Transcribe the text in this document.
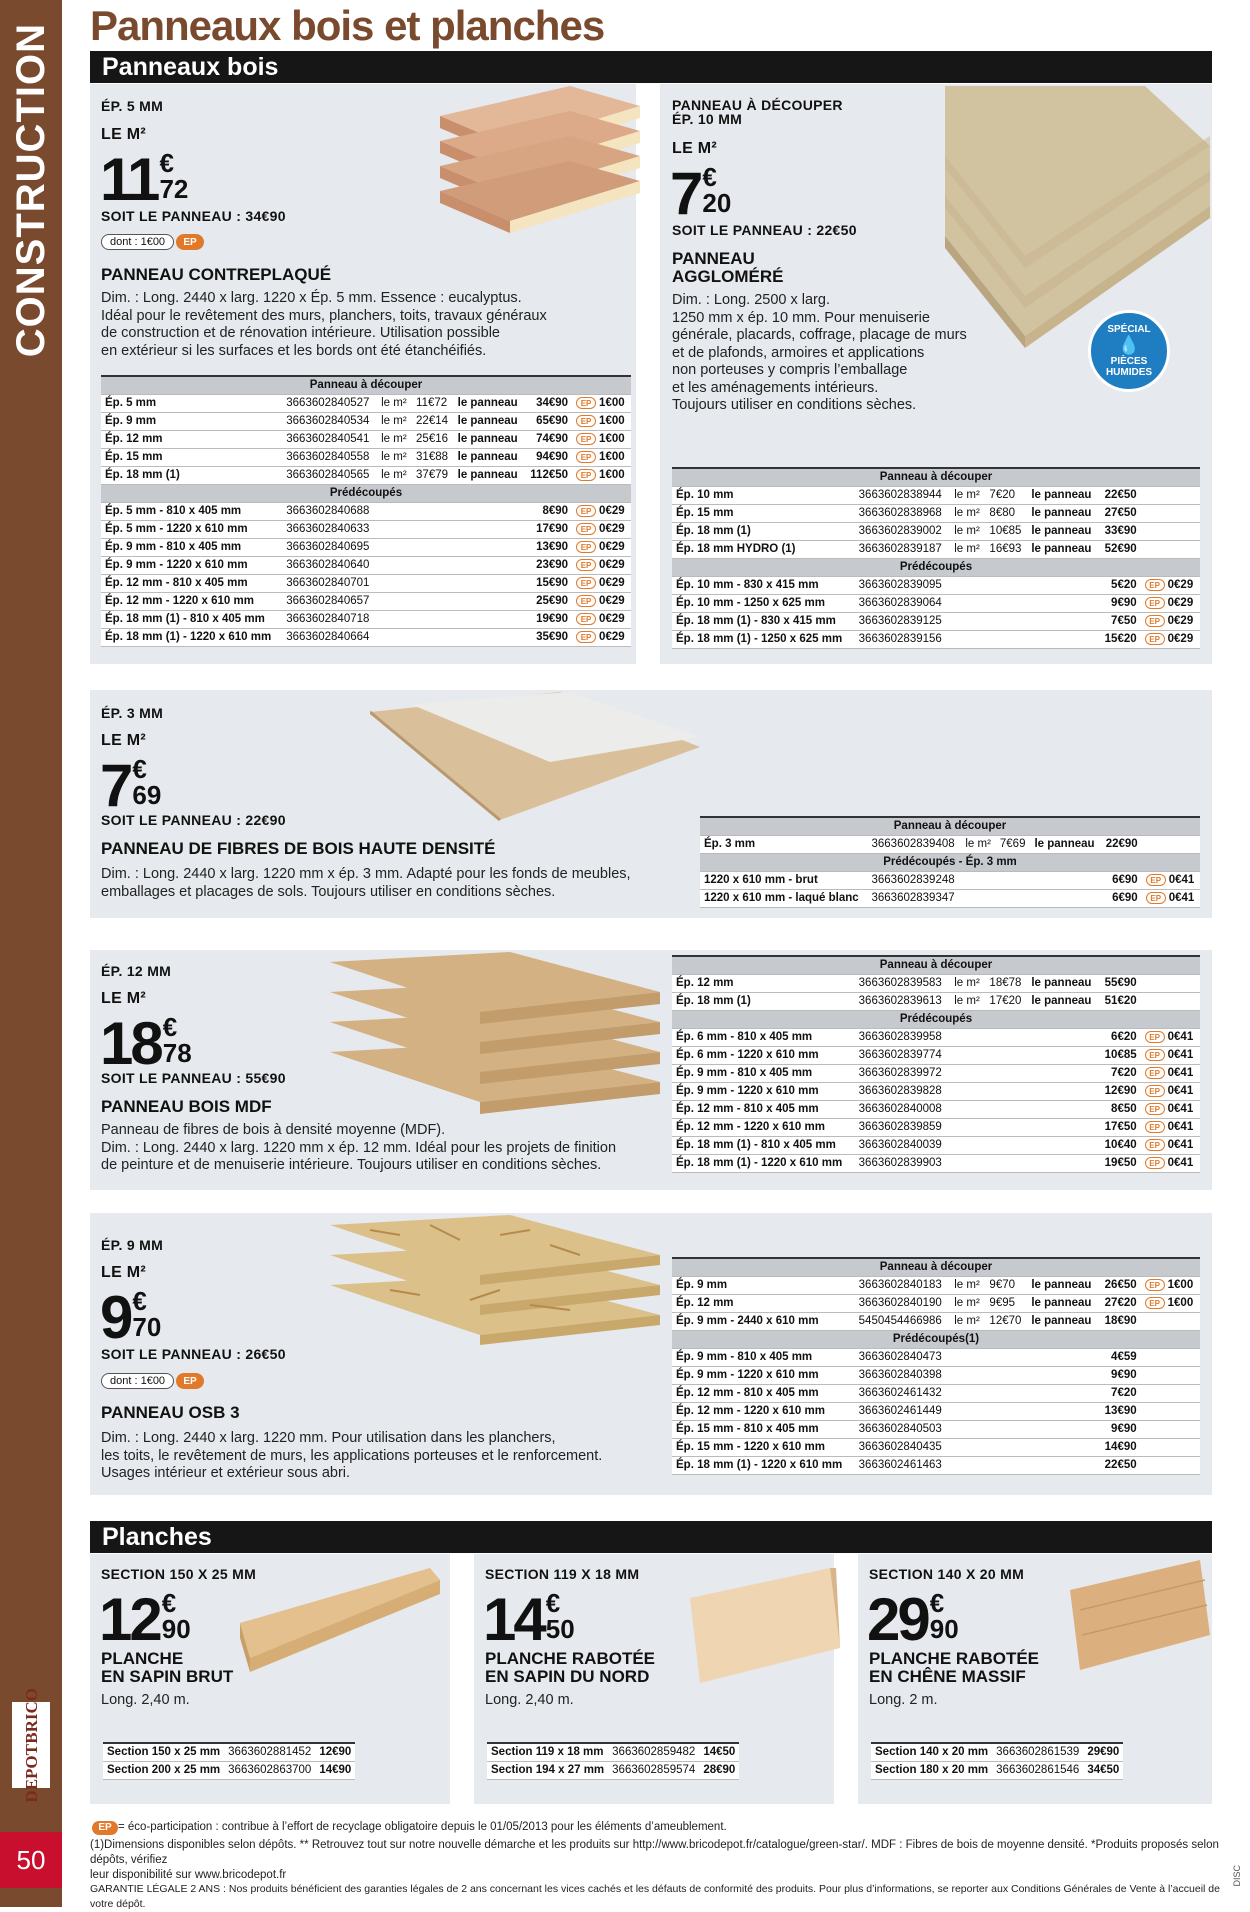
CONSTRUCTION
BRICO
DEPOT
50
Panneaux bois et planches
Panneaux bois
ÉP. 5 MM
LE M²
11 €
72
SOIT LE PANNEAU : 34€90
dont : 1€00	EP
PANNEAU CONTREPLAQUÉ
Dim. : Long. 2440 x larg. 1220 x Ép. 5 mm. Essence : eucalyptus.
Idéal pour le revêtement des murs, planchers, toits, travaux généraux
de construction et de rénovation intérieure. Utilisation possible
en extérieur si les surfaces et les bords ont été étanchéifiés.
Panneau à découper						
Ép. 5 mm	3663602840527	le m²	11€72	le panneau	34€90	EP 1€00
Ép. 9 mm	3663602840534	le m²	22€14	le panneau	65€90	EP 1€00
Ép. 12 mm	3663602840541	le m²	25€16	le panneau	74€90	EP 1€00
Ép. 15 mm	3663602840558	le m²	31€88	le panneau	94€90	EP 1€00
Ép. 18 mm (1)	3663602840565	le m²	37€79	le panneau	112€50	EP 1€00
Prédécoupés						
Ép. 5 mm - 810 x 405 mm	3663602840688				8€90	EP 0€29
Ép. 5 mm - 1220 x 610 mm	3663602840633				17€90	EP 0€29
Ép. 9 mm - 810 x 405 mm	3663602840695				13€90	EP 0€29
Ép. 9 mm - 1220 x 610 mm	3663602840640				23€90	EP 0€29
Ép. 12 mm - 810 x 405 mm	3663602840701				15€90	EP 0€29
Ép. 12 mm - 1220 x 610 mm	3663602840657				25€90	EP 0€29
Ép. 18 mm (1) - 810 x 405 mm	3663602840718				19€90	EP 0€29
Ép. 18 mm (1) - 1220 x 610 mm	3663602840664				35€90	EP 0€29
SPÉCIAL
💧
PIÈCES HUMIDES
PANNEAU À DÉCOUPER
ÉP. 10 MM
LE M²
7 €
20
SOIT LE PANNEAU : 22€50
PANNEAU
AGGLOMÉRÉ
Dim. : Long. 2500 x larg.
1250 mm x ép. 10 mm. Pour menuiserie
générale, placards, coffrage, placage de murs
et de plafonds, armoires et applications
non porteuses y compris l’emballage
et les aménagements intérieurs.
Toujours utiliser en conditions sèches.
Panneau à découper						
Ép. 10 mm	3663602838944	le m²	7€20	le panneau	22€50	
Ép. 15 mm	3663602838968	le m²	8€80	le panneau	27€50	
Ép. 18 mm (1)	3663602839002	le m²	10€85	le panneau	33€90	
Ép. 18 mm HYDRO (1)	3663602839187	le m²	16€93	le panneau	52€90	
Prédécoupés						
Ép. 10 mm - 830 x 415 mm	3663602839095				5€20	EP 0€29
Ép. 10 mm - 1250 x 625 mm	3663602839064				9€90	EP 0€29
Ép. 18 mm (1) - 830 x 415 mm	3663602839125				7€50	EP 0€29
Ép. 18 mm (1) - 1250 x 625 mm	3663602839156				15€20	EP 0€29
ÉP. 3 MM
LE M²
7 €
69
SOIT LE PANNEAU : 22€90
PANNEAU DE FIBRES DE BOIS HAUTE DENSITÉ
Dim. : Long. 2440 x larg. 1220 mm x ép. 3 mm. Adapté pour les fonds de meubles,
emballages et placages de sols. Toujours utiliser en conditions sèches.
Panneau à découper						
Ép. 3 mm	3663602839408	le m²	7€69	le panneau	22€90	
Prédécoupés - Ép. 3 mm						
1220 x 610 mm - brut	3663602839248				6€90	EP 0€41
1220 x 610 mm - laqué blanc	3663602839347				6€90	EP 0€41
ÉP. 12 MM
LE M²
18 €
78
SOIT LE PANNEAU : 55€90
PANNEAU BOIS MDF
Panneau de fibres de bois à densité moyenne (MDF).
Dim. : Long. 2440 x larg. 1220 mm x ép. 12 mm. Idéal pour les projets de finition
de peinture et de menuiserie intérieure. Toujours utiliser en conditions sèches.
Panneau à découper						
Ép. 12 mm	3663602839583	le m²	18€78	le panneau	55€90	
Ép. 18 mm (1)	3663602839613	le m²	17€20	le panneau	51€20	
Prédécoupés						
Ép. 6 mm - 810 x 405 mm	3663602839958				6€20	EP 0€41
Ép. 6 mm - 1220 x 610 mm	3663602839774				10€85	EP 0€41
Ép. 9 mm - 810 x 405 mm	3663602839972				7€20	EP 0€41
Ép. 9 mm - 1220 x 610 mm	3663602839828				12€90	EP 0€41
Ép. 12 mm - 810 x 405 mm	3663602840008				8€50	EP 0€41
Ép. 12 mm - 1220 x 610 mm	3663602839859				17€50	EP 0€41
Ép. 18 mm (1) - 810 x 405 mm	3663602840039				10€40	EP 0€41
Ép. 18 mm (1) - 1220 x 610 mm	3663602839903				19€50	EP 0€41
ÉP. 9 MM
LE M²
9 €
70
SOIT LE PANNEAU : 26€50
dont : 1€00	EP
PANNEAU OSB 3
Dim. : Long. 2440 x larg. 1220 mm. Pour utilisation dans les planchers,
les toits, le revêtement de murs, les applications porteuses et le renforcement.
Usages intérieur et extérieur sous abri.
Panneau à découper						
Ép. 9 mm	3663602840183	le m²	9€70	le panneau	26€50	EP 1€00
Ép. 12 mm	3663602840190	le m²	9€95	le panneau	27€20	EP 1€00
Ép. 9 mm - 2440 x 610 mm	5450454466986	le m²	12€70	le panneau	18€90	
Prédécoupés(1)						
Ép. 9 mm - 810 x 405 mm	3663602840473				4€59	
Ép. 9 mm - 1220 x 610 mm	3663602840398				9€90	
Ép. 12 mm - 810 x 405 mm	3663602461432				7€20	
Ép. 12 mm - 1220 x 610 mm	3663602461449				13€90	
Ép. 15 mm - 810 x 405 mm	3663602840503				9€90	
Ép. 15 mm - 1220 x 610 mm	3663602840435				14€90	
Ép. 18 mm (1) - 1220 x 610 mm	3663602461463				22€50	
Planches
SECTION 150 X 25 MM
12 €
90
PLANCHE
EN SAPIN BRUT
Long. 2,40 m.
Section 150 x 25 mm	3663602881452	12€90
Section 200 x 25 mm	3663602863700	14€90
SECTION 119 X 18 MM
14 €
50
PLANCHE RABOTÉE
EN SAPIN DU NORD
Long. 2,40 m.
Section 119 x 18 mm	3663602859482	14€50
Section 194 x 27 mm	3663602859574	28€90
SECTION 140 X 20 MM
29 €
90
PLANCHE RABOTÉE
EN CHÊNE MASSIF
Long. 2 m.
Section 140 x 20 mm	3663602861539	29€90
Section 180 x 20 mm	3663602861546	34€50
EP = éco-participation : contribue à l’effort de recyclage obligatoire depuis le 01/05/2013 pour les éléments d’ameublement.
(1)Dimensions disponibles selon dépôts. ** Retrouvez tout sur notre nouvelle démarche et les produits sur http://www.bricodepot.fr/catalogue/green-star/. MDF : Fibres de bois de moyenne densité. *Produits proposés selon dépôts, vérifiez
leur disponibilité sur www.bricodepot.fr
GARANTIE LÉGALE 2 ANS : Nos produits bénéficient des garanties légales de 2 ans concernant les vices cachés et les défauts de conformité des produits. Pour plus d’informations, se reporter aux Conditions Générales de Vente à l’accueil de votre dépôt.
DISC
